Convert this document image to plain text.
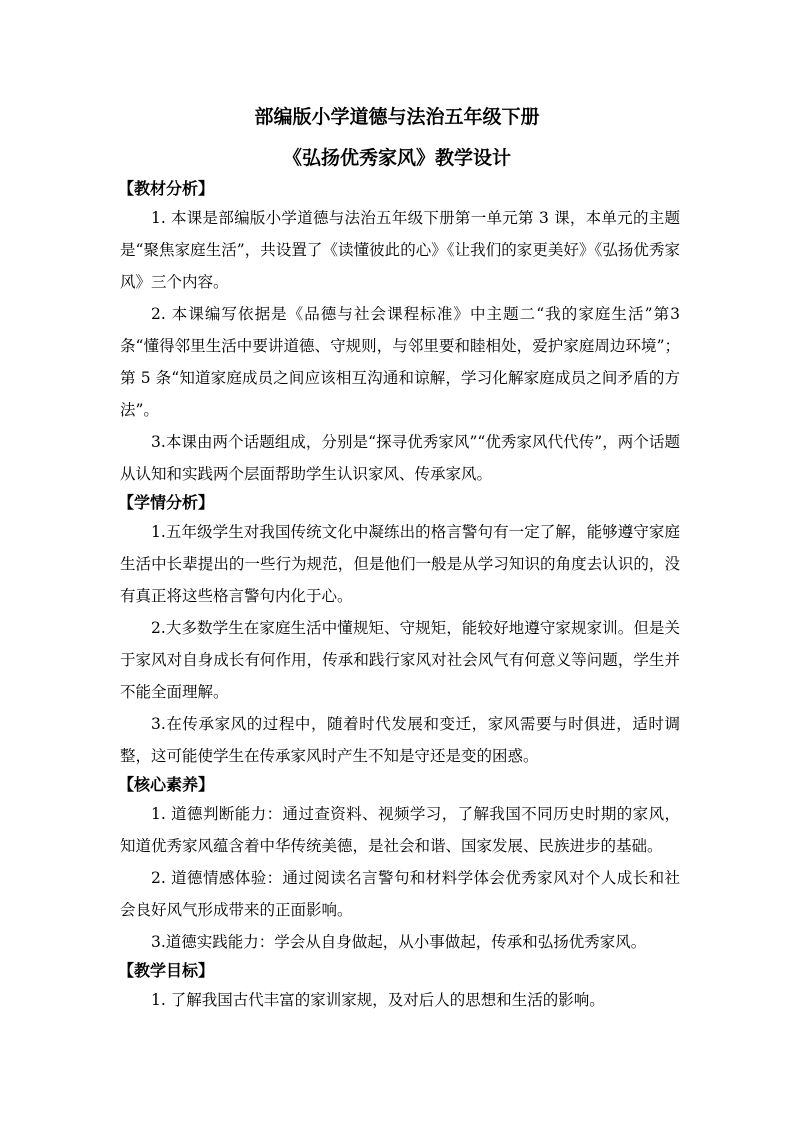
部编版小学道德与法治五年级下册
《弘扬优秀家风》教学设计

【教材分析】

1. 本课是部编版小学道德与法治五年级下册第一单元第 3 课，本单元的主题是“聚焦家庭生活”，共设置了《读懂彼此的心》《让我们的家更美好》《弘扬优秀家风》三个内容。

2. 本课编写依据是《品德与社会课程标准》中主题二“我的家庭生活”第3条“懂得邻里生活中要讲道德、守规则，与邻里要和睦相处，爱护家庭周边环境”；第 5 条“知道家庭成员之间应该相互沟通和谅解，学习化解家庭成员之间矛盾的方法”。

3.本课由两个话题组成，分别是“探寻优秀家风”“优秀家风代代传”，两个话题从认知和实践两个层面帮助学生认识家风、传承家风。

【学情分析】

1.五年级学生对我国传统文化中凝练出的格言警句有一定了解，能够遵守家庭生活中长辈提出的一些行为规范，但是他们一般是从学习知识的角度去认识的，没有真正将这些格言警句内化于心。

2.大多数学生在家庭生活中懂规矩、守规矩，能较好地遵守家规家训。但是关于家风对自身成长有何作用，传承和践行家风对社会风气有何意义等问题，学生并不能全面理解。

3.在传承家风的过程中，随着时代发展和变迁，家风需要与时俱进，适时调整，这可能使学生在传承家风时产生不知是守还是变的困惑。

【核心素养】

1. 道德判断能力：通过查资料、视频学习，了解我国不同历史时期的家风，知道优秀家风蕴含着中华传统美德，是社会和谐、国家发展、民族进步的基础。

2. 道德情感体验：通过阅读名言警句和材料学体会优秀家风对个人成长和社会良好风气形成带来的正面影响。

3.道德实践能力：学会从自身做起，从小事做起，传承和弘扬优秀家风。

【教学目标】

1. 了解我国古代丰富的家训家规，及对后人的思想和生活的影响。
